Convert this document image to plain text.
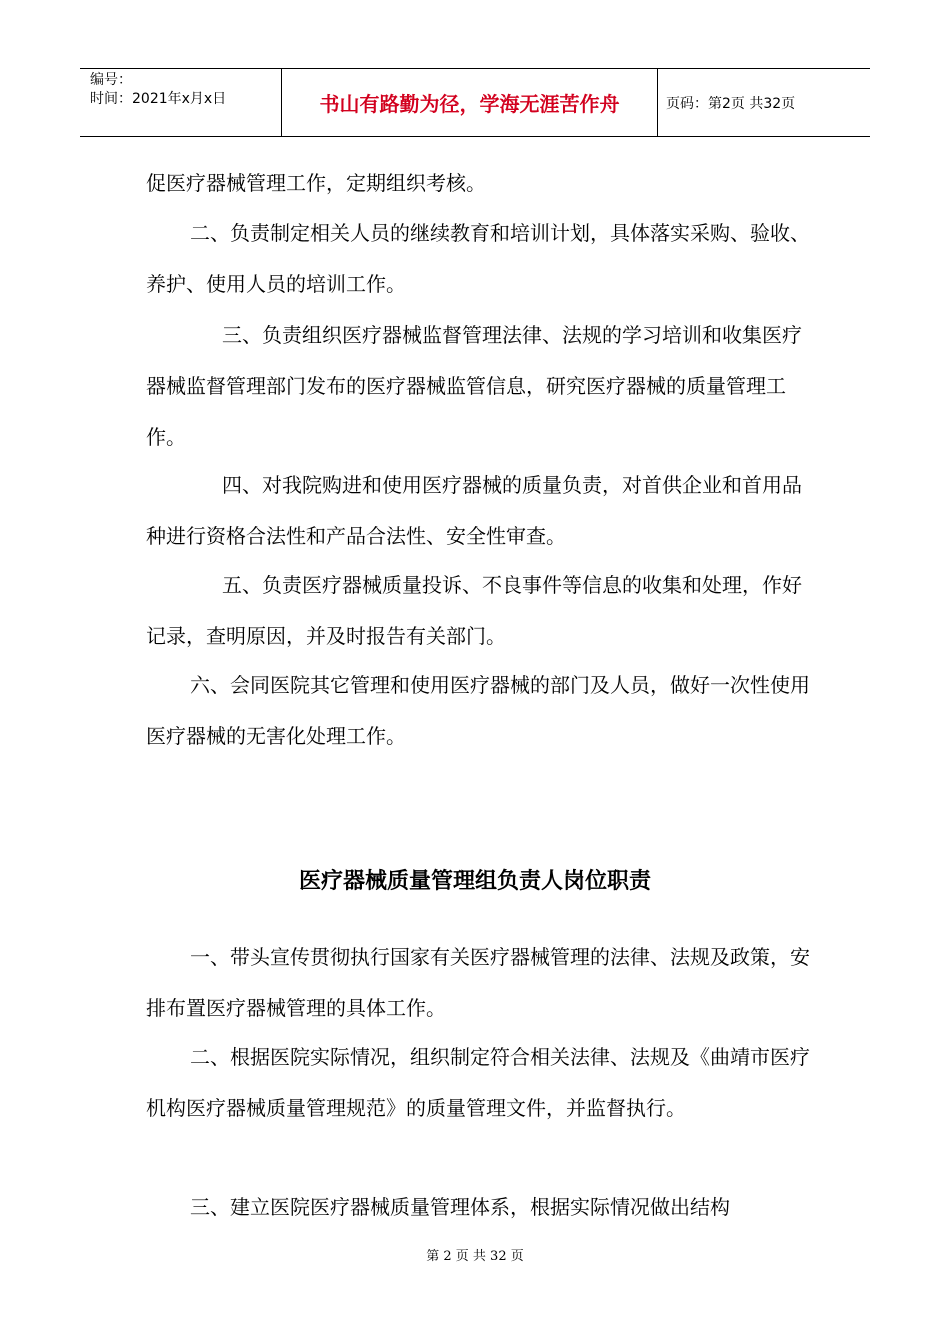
编号：
时间：2021年x月x日	书山有路勤为径，学海无涯苦作舟	页码：第2页 共32页

促医疗器械管理工作，定期组织考核。

二、负责制定相关人员的继续教育和培训计划，具体落实采购、验收、养护、使用人员的培训工作。

三、负责组织医疗器械监督管理法律、法规的学习培训和收集医疗器械监督管理部门发布的医疗器械监管信息，研究医疗器械的质量管理工作。

四、对我院购进和使用医疗器械的质量负责，对首供企业和首用品种进行资格合法性和产品合法性、安全性审查。

五、负责医疗器械质量投诉、不良事件等信息的收集和处理，作好记录，查明原因，并及时报告有关部门。

六、会同医院其它管理和使用医疗器械的部门及人员，做好一次性使用医疗器械的无害化处理工作。

医疗器械质量管理组负责人岗位职责

一、带头宣传贯彻执行国家有关医疗器械管理的法律、法规及政策，安排布置医疗器械管理的具体工作。

二、根据医院实际情况，组织制定符合相关法律、法规及《曲靖市医疗机构医疗器械质量管理规范》的质量管理文件，并监督执行。

三、建立医院医疗器械质量管理体系，根据实际情况做出结构

第 2 页 共 32 页
